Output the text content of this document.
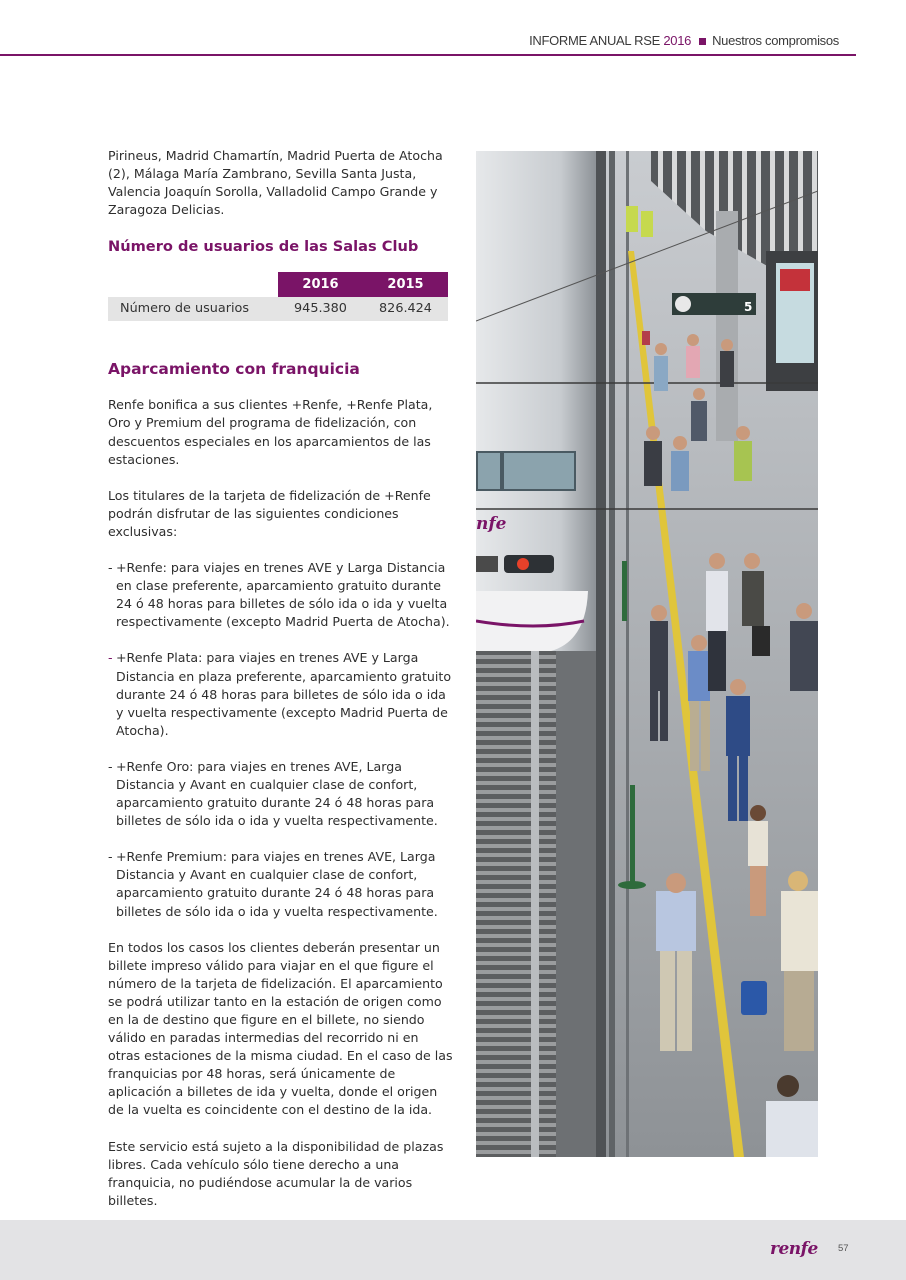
INFORME ANUAL RSE 2016 Nuestros compromisos

Pirineus, Madrid Chamartín, Madrid Puerta de Atocha (2), Málaga María Zambrano, Sevilla Santa Justa, Valencia Joaquín Sorolla, Valladolid Campo Grande y Zaragoza Delicias.

Número de usuarios de las Salas Club
	2016	2015
Número de usuarios	945.380	826.424
Aparcamiento con franquicia

Renfe bonifica a sus clientes +Renfe, +Renfe Plata, Oro y Premium del programa de fidelización, con descuentos especiales en los aparcamientos de las estaciones.

Los titulares de la tarjeta de fidelización de +Renfe podrán disfrutar de las siguientes condiciones exclusivas:

- +Renfe: para viajes en trenes AVE y Larga Distancia en clase preferente, aparcamiento gratuito durante 24 ó 48 horas para billetes de sólo ida o ida y vuelta respectivamente (excepto Madrid Puerta de Atocha).
- +Renfe Plata: para viajes en trenes AVE y Larga Distancia en plaza preferente, aparcamiento gratuito durante 24 ó 48 horas para billetes de sólo ida o ida y vuelta respectivamente (excepto Madrid Puerta de Atocha).
- +Renfe Oro: para viajes en trenes AVE, Larga Distancia y Avant en cualquier clase de confort, aparcamiento gratuito durante 24 ó 48 horas para billetes de sólo ida o ida y vuelta respectivamente.
- +Renfe Premium: para viajes en trenes AVE, Larga Distancia y Avant en cualquier clase de confort, aparcamiento gratuito durante 24 ó 48 horas para billetes de sólo ida o ida y vuelta respectivamente.

En todos los casos los clientes deberán presentar un billete impreso válido para viajar en el que figure el número de la tarjeta de fidelización. El aparcamiento se podrá utilizar tanto en la estación de origen como en la de destino que figure en el billete, no siendo válido en paradas intermedias del recorrido ni en otras estaciones de la misma ciudad. En el caso de las franquicias por 48 horas, será únicamente de aplicación a billetes de ida y vuelta, donde el origen de la vuelta es coincidente con el destino de la ida.

Este servicio está sujeto a la disponibilidad de plazas libres. Cada vehículo sólo tiene derecho a una franquicia, no pudiéndose acumular la de varios billetes.

nfe
5
renfe 57
